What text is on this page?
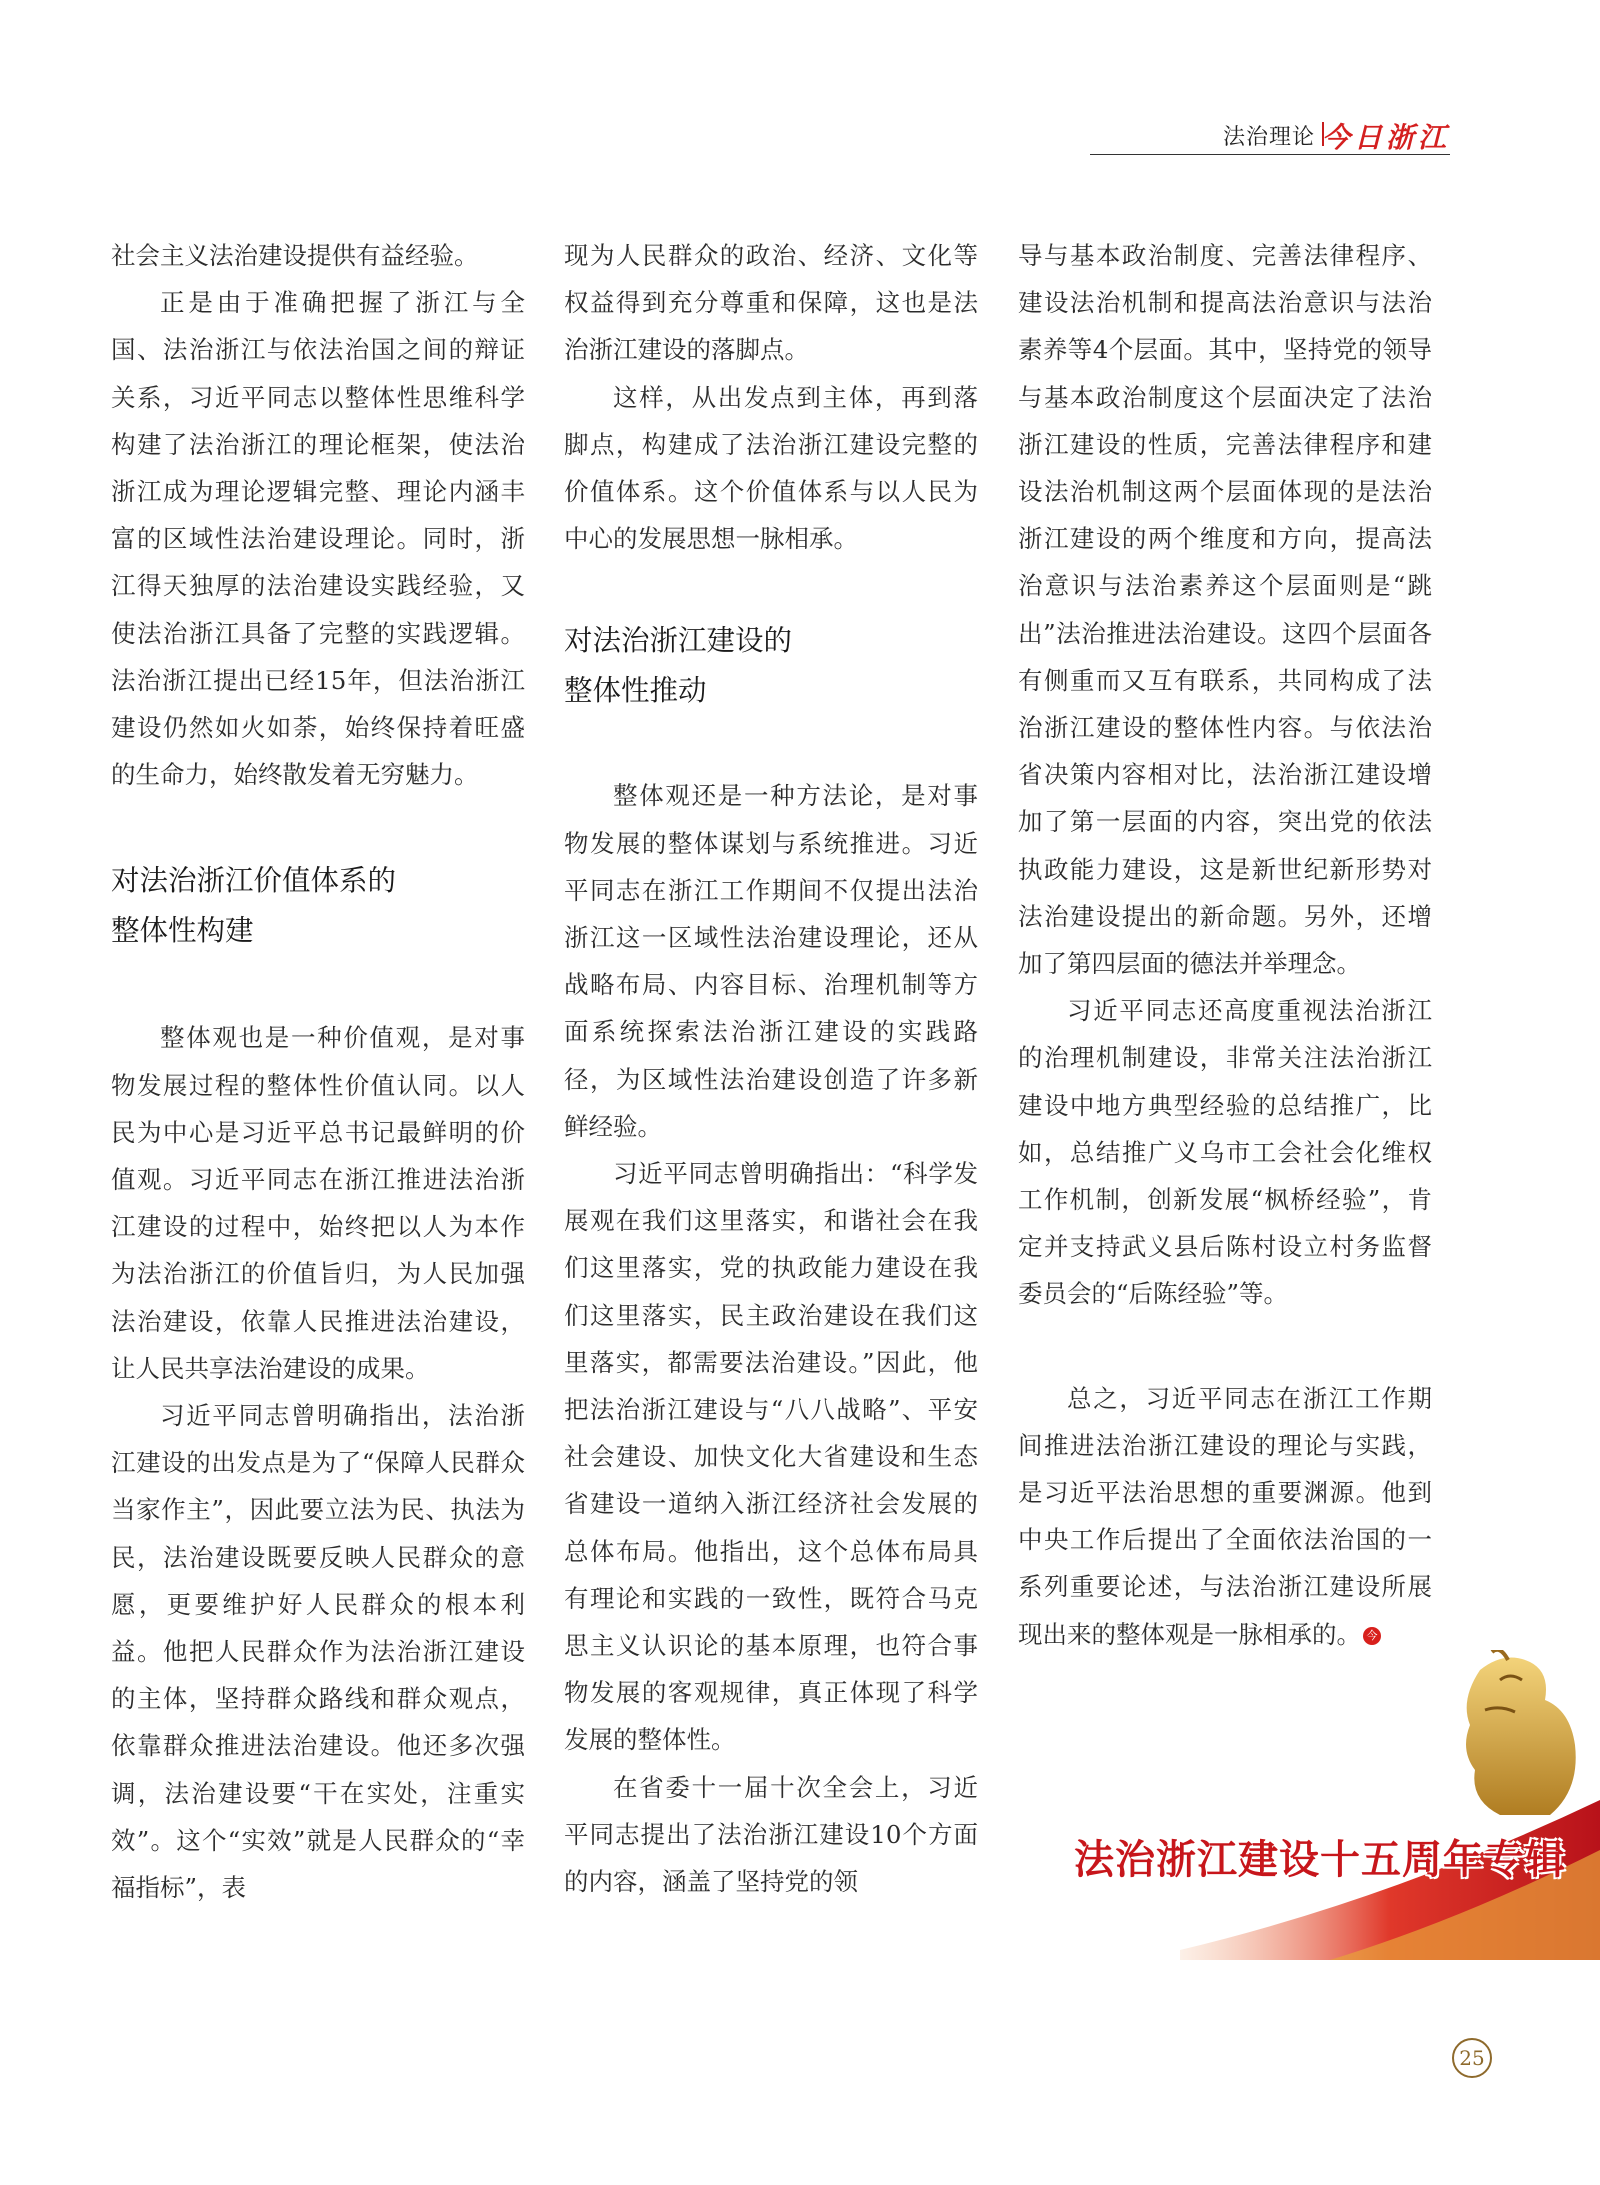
法治理论 今日浙江

社会主义法治建设提供有益经验。

正是由于准确把握了浙江与全国、法治浙江与依法治国之间的辩证关系，习近平同志以整体性思维科学构建了法治浙江的理论框架，使法治浙江成为理论逻辑完整、理论内涵丰富的区域性法治建设理论。同时，浙江得天独厚的法治建设实践经验，又使法治浙江具备了完整的实践逻辑。法治浙江提出已经15年，但法治浙江建设仍然如火如荼，始终保持着旺盛的生命力，始终散发着无穷魅力。

对法治浙江价值体系的
整体性构建

整体观也是一种价值观，是对事物发展过程的整体性价值认同。以人民为中心是习近平总书记最鲜明的价值观。习近平同志在浙江推进法治浙江建设的过程中，始终把以人为本作为法治浙江的价值旨归，为人民加强法治建设，依靠人民推进法治建设，让人民共享法治建设的成果。

习近平同志曾明确指出，法治浙江建设的出发点是为了“保障人民群众当家作主”，因此要立法为民、执法为民，法治建设既要反映人民群众的意愿，更要维护好人民群众的根本利益。他把人民群众作为法治浙江建设的主体，坚持群众路线和群众观点，依靠群众推进法治建设。他还多次强调，法治建设要“干在实处，注重实效”。这个“实效”就是人民群众的“幸福指标”，表

现为人民群众的政治、经济、文化等权益得到充分尊重和保障，这也是法治浙江建设的落脚点。

这样，从出发点到主体，再到落脚点，构建成了法治浙江建设完整的价值体系。这个价值体系与以人民为中心的发展思想一脉相承。

对法治浙江建设的
整体性推动

整体观还是一种方法论，是对事物发展的整体谋划与系统推进。习近平同志在浙江工作期间不仅提出法治浙江这一区域性法治建设理论，还从战略布局、内容目标、治理机制等方面系统探索法治浙江建设的实践路径，为区域性法治建设创造了许多新鲜经验。

习近平同志曾明确指出：“科学发展观在我们这里落实，和谐社会在我们这里落实，党的执政能力建设在我们这里落实，民主政治建设在我们这里落实，都需要法治建设。”因此，他把法治浙江建设与“八八战略”、平安社会建设、加快文化大省建设和生态省建设一道纳入浙江经济社会发展的总体布局。他指出，这个总体布局具有理论和实践的一致性，既符合马克思主义认识论的基本原理，也符合事物发展的客观规律，真正体现了科学发展的整体性。

在省委十一届十次全会上，习近平同志提出了法治浙江建设10个方面的内容，涵盖了坚持党的领

导与基本政治制度、完善法律程序、建设法治机制和提高法治意识与法治素养等4个层面。其中，坚持党的领导与基本政治制度这个层面决定了法治浙江建设的性质，完善法律程序和建设法治机制这两个层面体现的是法治浙江建设的两个维度和方向，提高法治意识与法治素养这个层面则是“跳出”法治推进法治建设。这四个层面各有侧重而又互有联系，共同构成了法治浙江建设的整体性内容。与依法治省决策内容相对比，法治浙江建设增加了第一层面的内容，突出党的依法执政能力建设，这是新世纪新形势对法治建设提出的新命题。另外，还增加了第四层面的德法并举理念。

习近平同志还高度重视法治浙江的治理机制建设，非常关注法治浙江建设中地方典型经验的总结推广，比如，总结推广义乌市工会社会化维权工作机制，创新发展“枫桥经验”，肯定并支持武义县后陈村设立村务监督委员会的“后陈经验”等。

总之，习近平同志在浙江工作期间推进法治浙江建设的理论与实践，是习近平法治思想的重要渊源。他到中央工作后提出了全面依法治国的一系列重要论述，与法治浙江建设所展现出来的整体观是一脉相承的。 今

法治浙江建设十五周年专辑
25
